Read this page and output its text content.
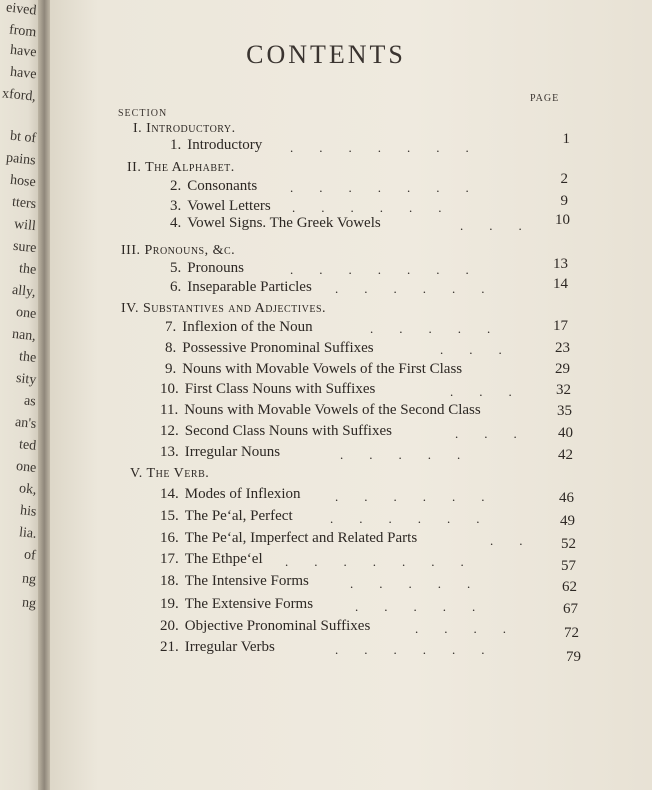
eived
from
have
have
xford,
bt of
pains
hose
tters
will
sure
the
ally,
one
nan,
the
sity
as
an's
ted
one
ok,
his
lia.
of
ng
ng
CONTENTS
SECTION
PAGE
I. Introductory.
II. The Alphabet.
III. Pronouns, &c.
IV. Substantives and Adjectives.
V. The Verb.
1. Introductory
2. Consonants
3. Vowel Letters
4. Vowel Signs. The Greek Vowels
5. Pronouns
6. Inseparable Particles
7. Inflexion of the Noun
8. Possessive Pronominal Suffixes
9. Nouns with Movable Vowels of the First Class
10. First Class Nouns with Suffixes
11. Nouns with Movable Vowels of the Second Class
12. Second Class Nouns with Suffixes
13. Irregular Nouns
14. Modes of Inflexion
15. The Pe‘al, Perfect
16. The Pe‘al, Imperfect and Related Parts
17. The Ethpe‘el
18. The Intensive Forms
19. The Extensive Forms
20. Objective Pronominal Suffixes
21. Irregular Verbs
.        .        .        .        .        .        .
.        .        .        .        .        .        .
.        .        .        .        .        .
.        .        .
.        .        .        .        .        .        .
.        .        .        .        .        .
.        .        .        .        .
.        .        .
.        .        .
.        .        .
.        .        .        .        .
.        .        .        .        .        .
.        .        .        .        .        .
.        .
.        .        .        .        .        .        .
.        .        .        .        .
.        .        .        .        .
.        .        .        .
.        .        .        .        .        .
1
2
9
10
13
14
17
23
29
32
35
40
42
46
49
52
57
62
67
72
79
